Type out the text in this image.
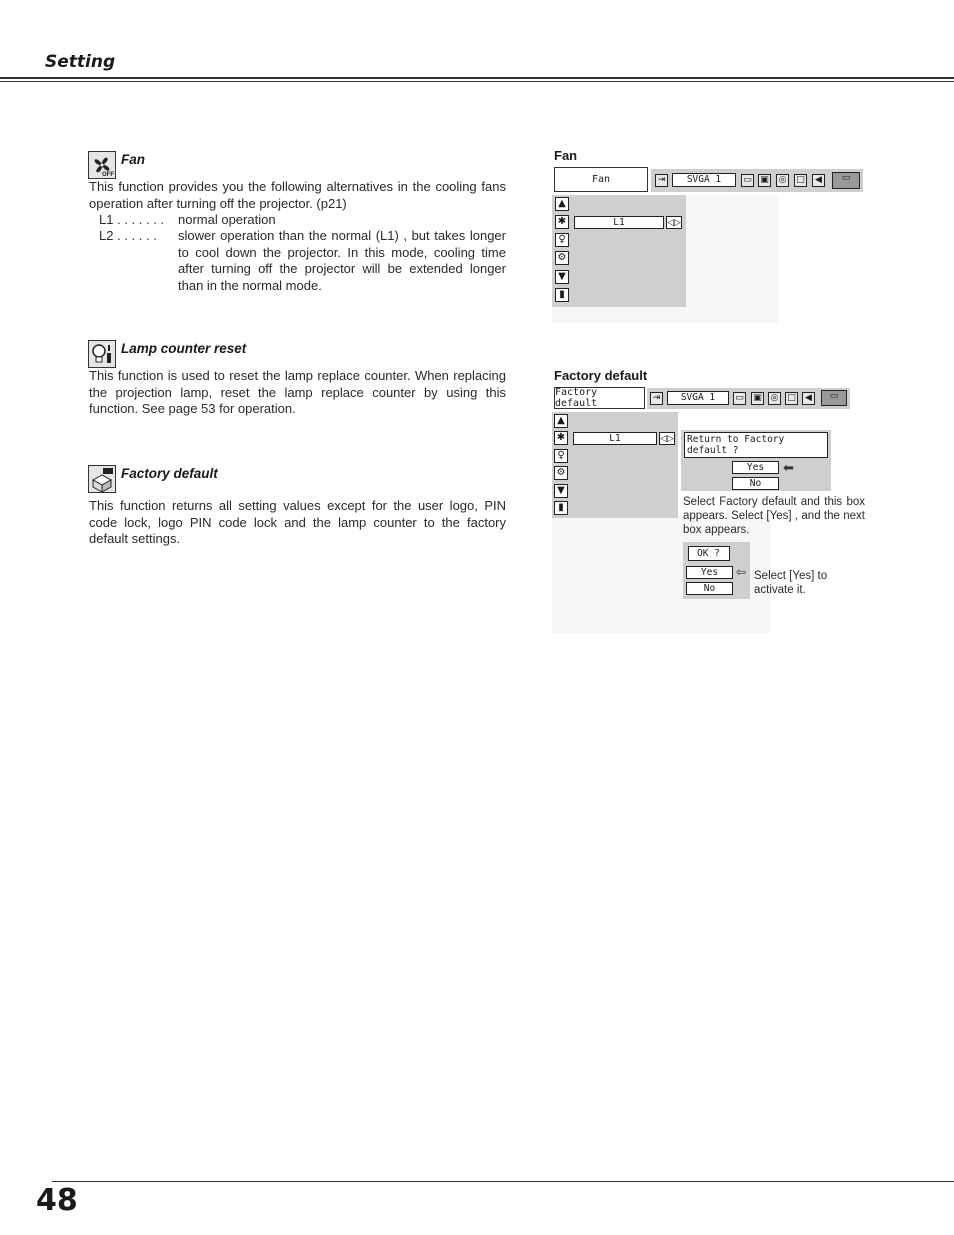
Setting
OFF
Fan
This function provides you the following alternatives in the cooling fans operation after turning off the projector. (p21)
L1 . . . . . . . normal operation
L2 . . . . . . slower operation than the normal (L1) , but takes longer to cool down the projector. In this mode, cooling time after turning off the projector will be extended longer than in the normal mode.
Lamp counter reset
This function is used to reset the lamp replace counter. When replacing the projection lamp, reset the lamp replace counter by using this function. See page 53 for operation.
Factory default
This function returns all setting values except for the user logo, PIN code lock, logo PIN code lock and the lamp counter to the factory default settings.
Fan
Fan	⇥	SVGA 1	▭ ▣ ◎ □	◀	▭
▲
✱
♀
⚙
▼
▮
L1	◁▷
Factory default
Factory default	⇥	SVGA 1	▭ ▣ ◎ □	◀	▭
▲
✱
♀
⚙
▼
▮
L1	◁▷	Return to Factory default ?
Yes	⬅
No
Select Factory default and this box appears. Select [Yes] , and the next box appears.
OK ?
Yes	⇦
No
Select [Yes] to activate it.
48
